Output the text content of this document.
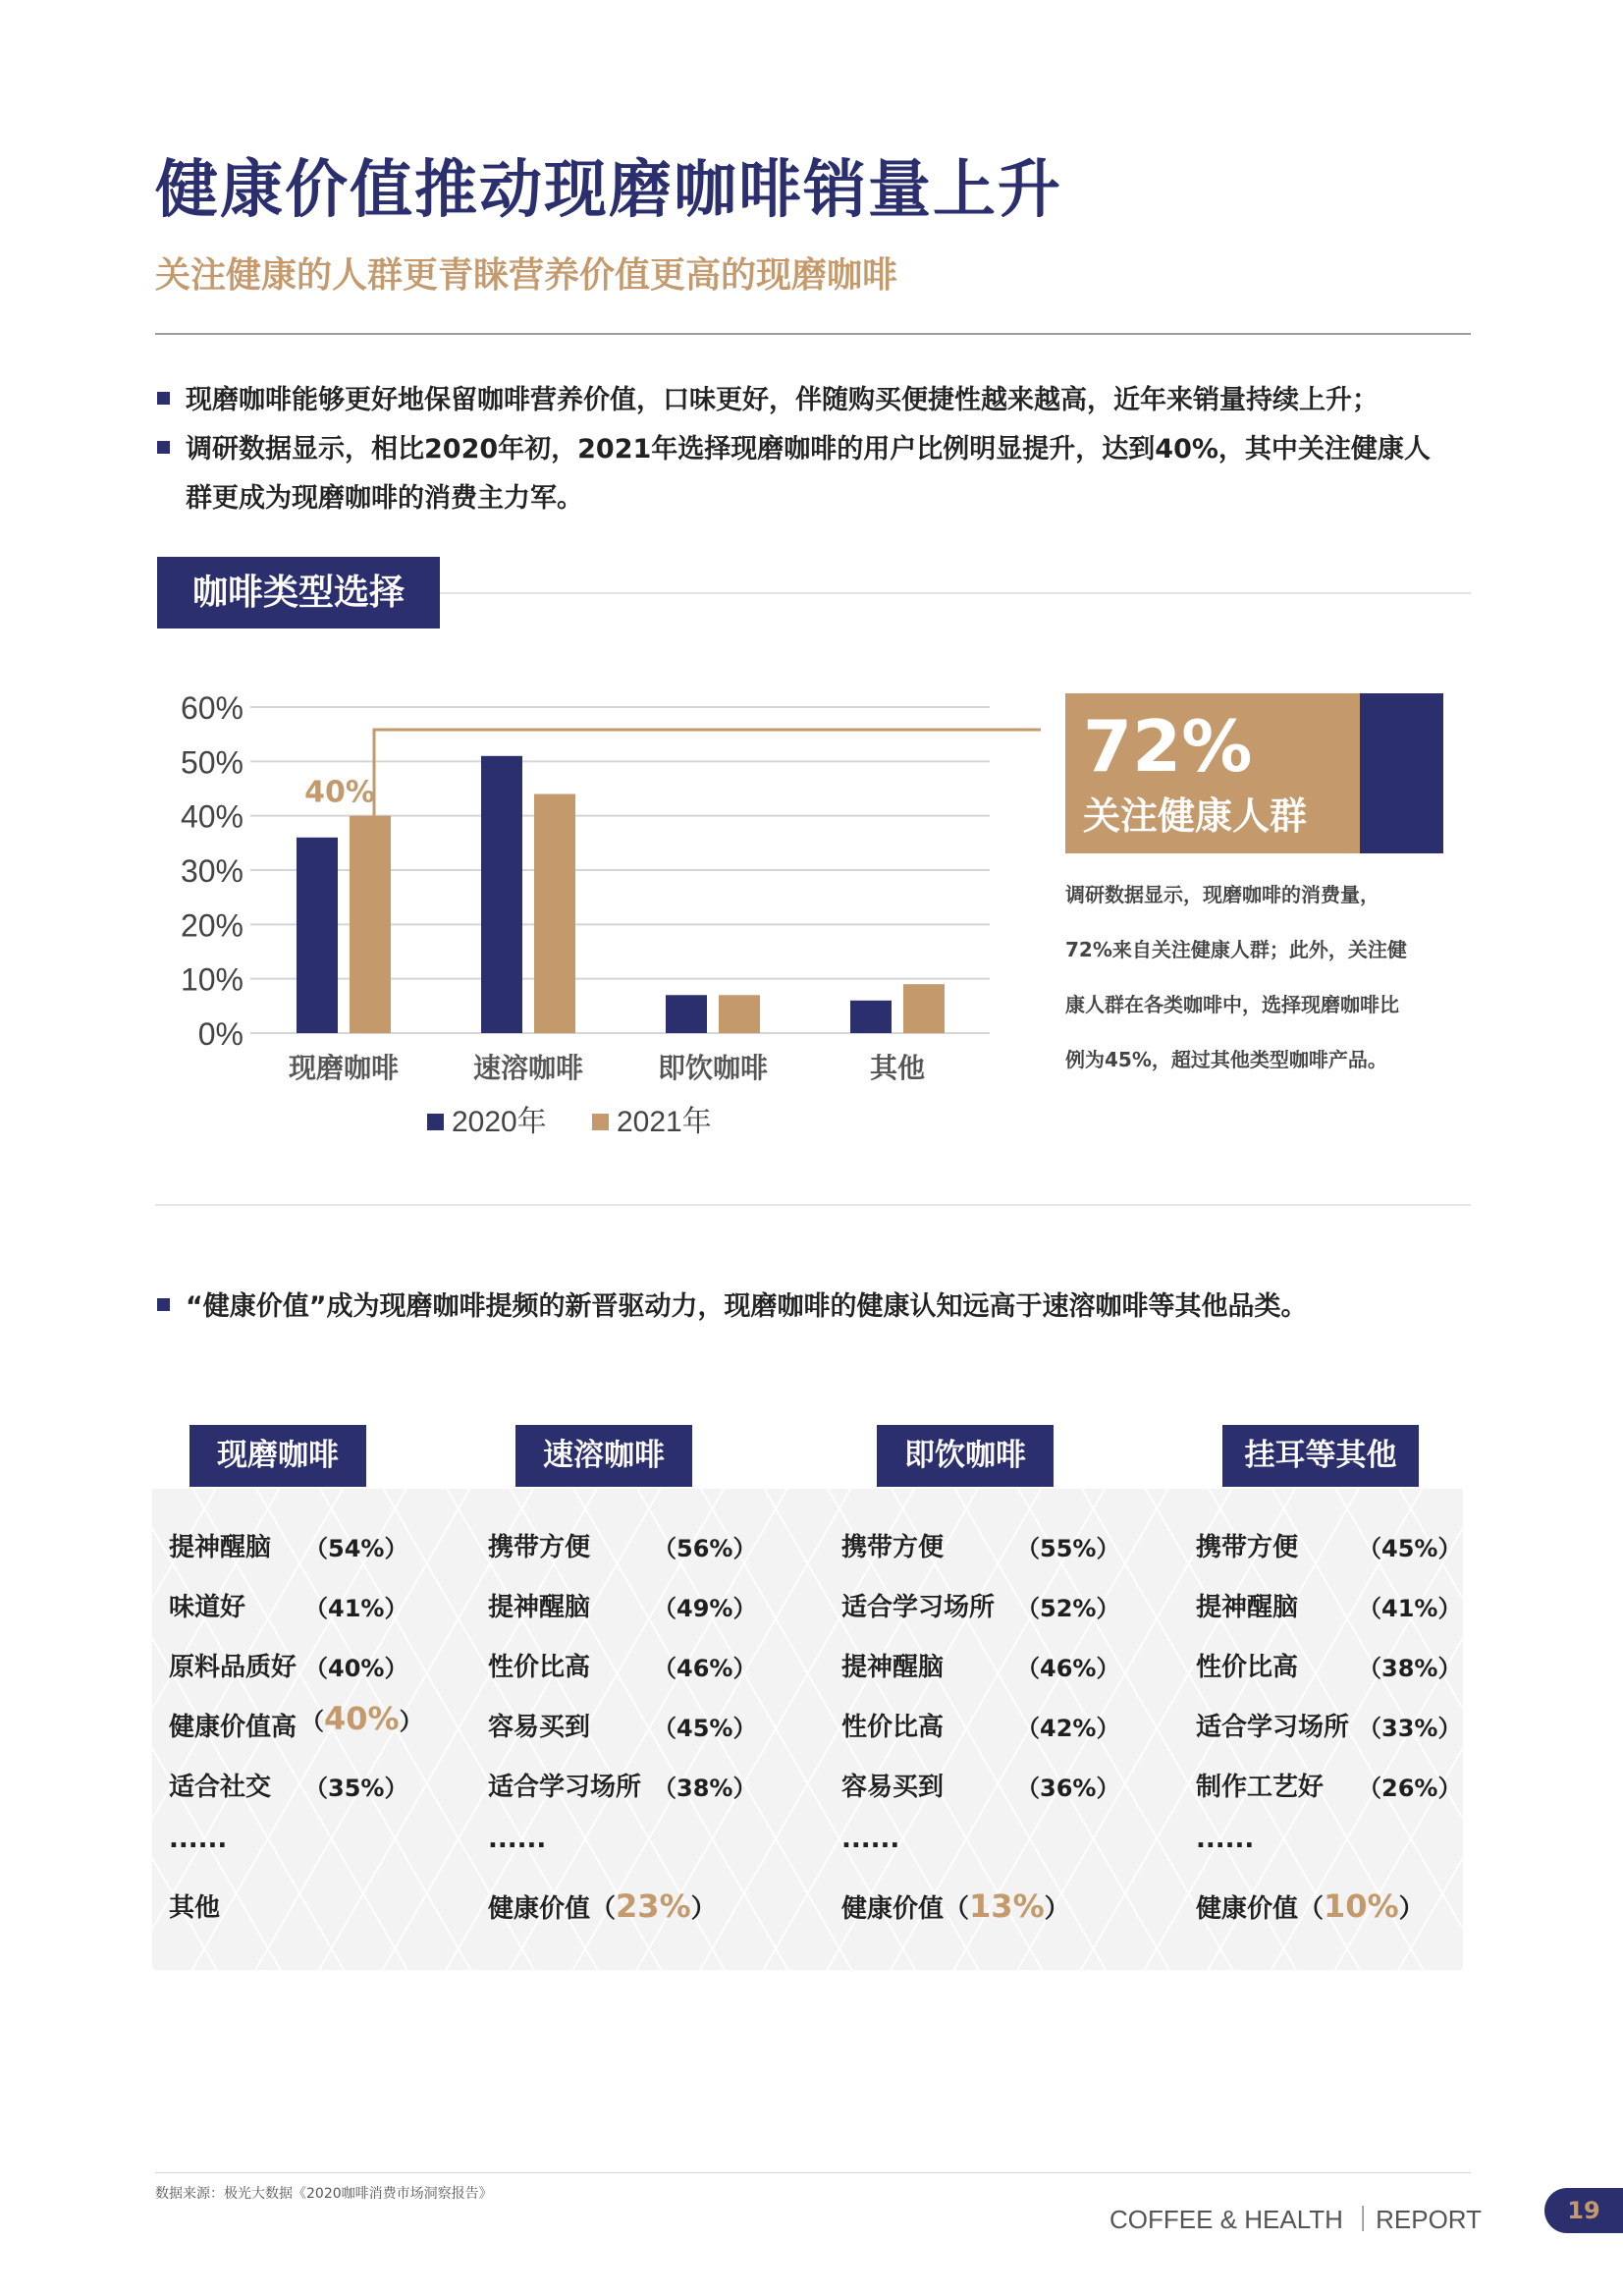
健康价值推动现磨咖啡销量上升
关注健康的人群更青睐营养价值更高的现磨咖啡
现磨咖啡能够更好地保留咖啡营养价值，口味更好，伴随购买便捷性越来越高，近年来销量持续上升；
调研数据显示，相比2020年初，2021年选择现磨咖啡的用户比例明显提升，达到40%，其中关注健康人
群更成为现磨咖啡的消费主力军。
咖啡类型选择
0%
10%
20%
30%
40%
50%
60%
现磨咖啡	速溶咖啡	即饮咖啡	其他
40%
2020年 2021年
72%
关注健康人群
调研数据显示，现磨咖啡的消费量，
72%来自关注健康人群；此外，关注健
康人群在各类咖啡中，选择现磨咖啡比
例为45%，超过其他类型咖啡产品。
“健康价值”成为现磨咖啡提频的新晋驱动力，现磨咖啡的健康认知远高于速溶咖啡等其他品类。
现磨咖啡	速溶咖啡	即饮咖啡	挂耳等其他
提神醒脑 （54%）
味道好 （41%）
原料品质好 （40%）
健康价值高 （40%）
适合社交 （35%）
......
其他
携带方便	（56%）
提神醒脑	（49%）
性价比高	（46%）
容易买到	（45%）
适合学习场所 （38%）
......
健康价值（23%）
携带方便	（55%）
适合学习场所 （52%）
提神醒脑	（46%）
性价比高	（42%）
容易买到	（36%）
......
健康价值（13%）
携带方便	（45%）
提神醒脑	（41%）
性价比高	（38%）
适合学习场所 （33%）
制作工艺好 （26%）
......
健康价值（10%）
数据来源：极光大数据《2020咖啡消费市场洞察报告》
COFFEE & HEALTH ｜REPORT	19
